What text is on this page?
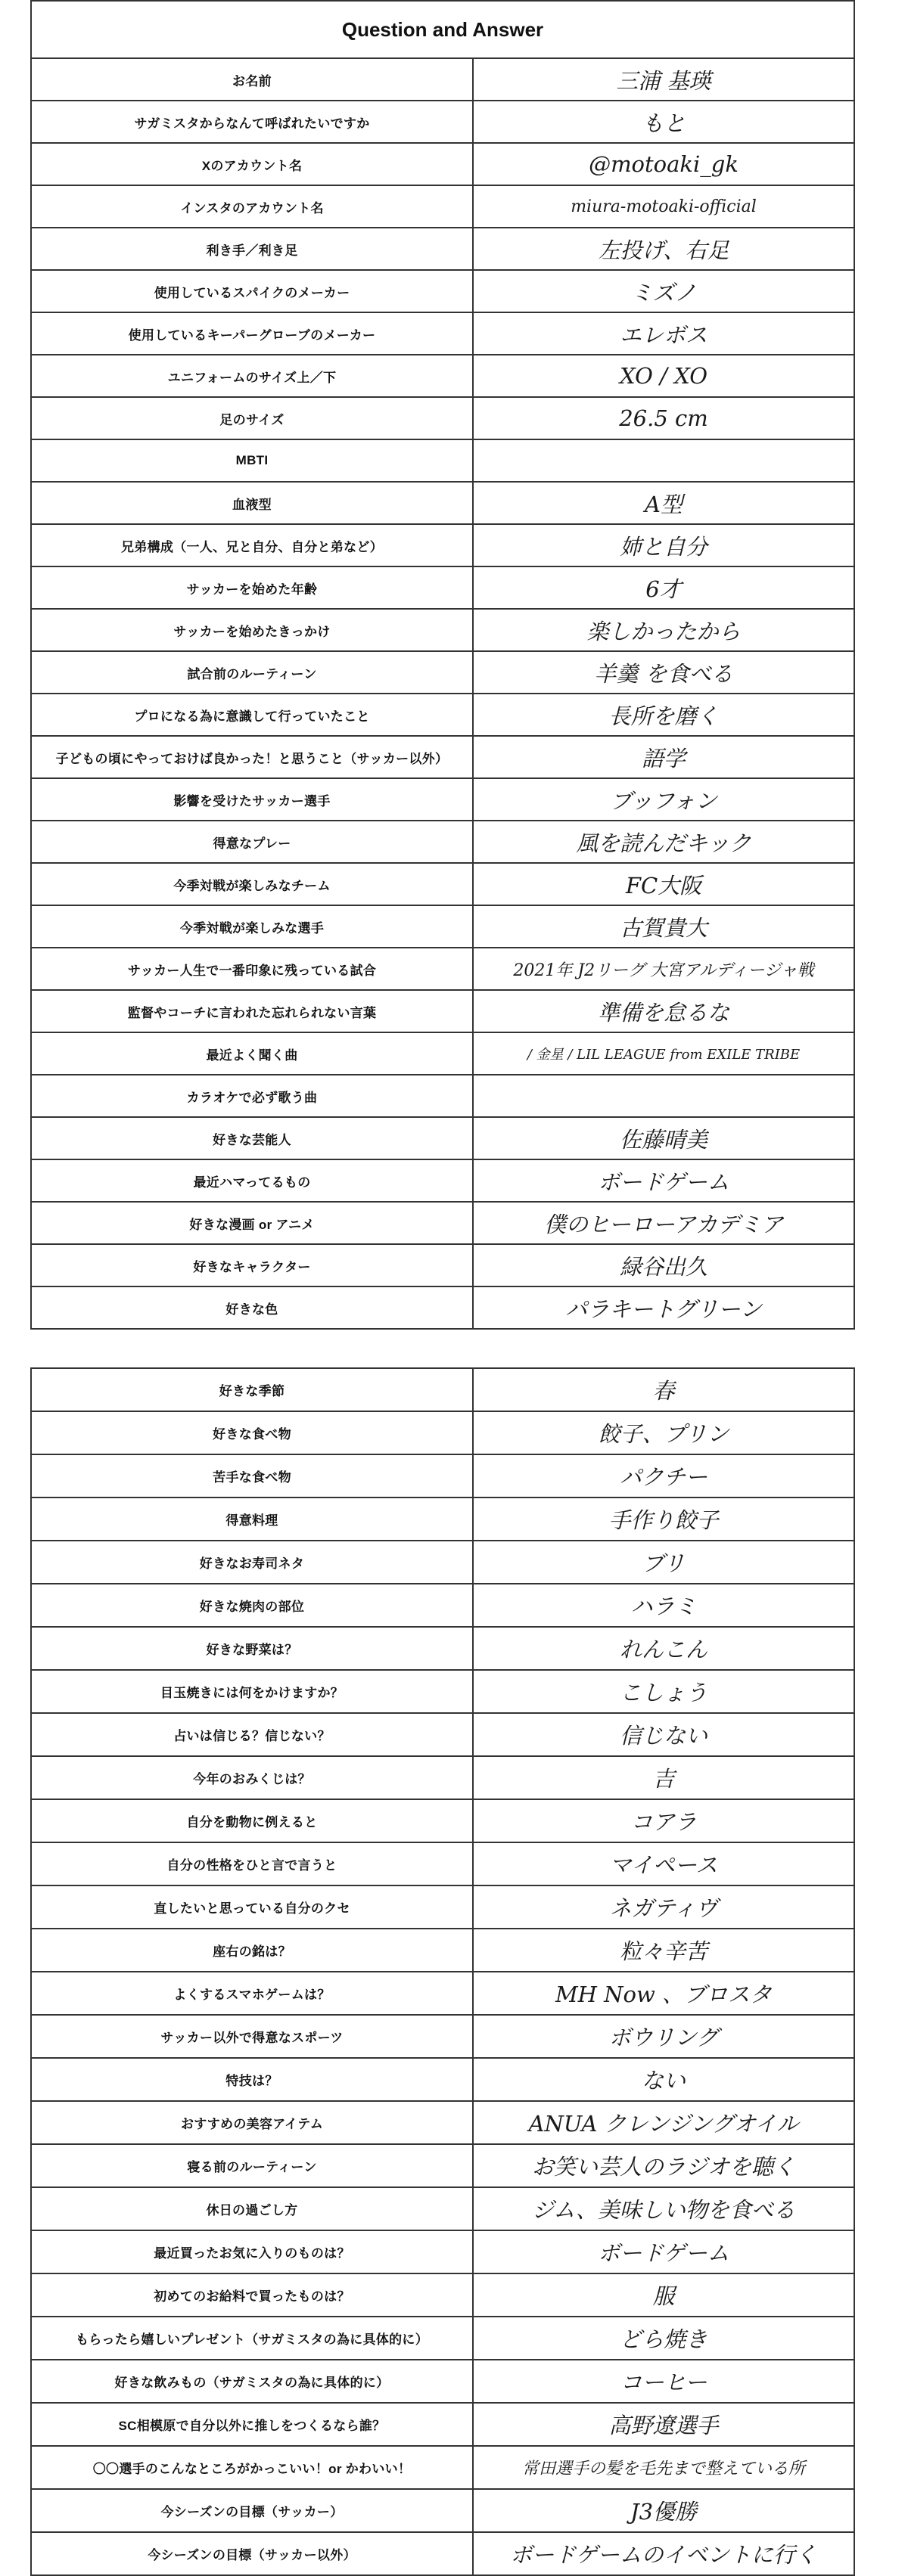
Question and Answer
お名前	三浦 基瑛
サガミスタからなんて呼ばれたいですか	もと
Xのアカウント名	@motoaki_gk
インスタのアカウント名	miura-motoaki-official
利き手／利き足	左投げ、右足
使用しているスパイクのメーカー	ミズノ
使用しているキーパーグローブのメーカー	エレボス
ユニフォームのサイズ上／下	XO / XO
足のサイズ	26.5 cm
MBTI	
血液型	A型
兄弟構成（一人、兄と自分、自分と弟など）	姉と自分
サッカーを始めた年齢	6才
サッカーを始めたきっかけ	楽しかったから
試合前のルーティーン	羊羹 を食べる
プロになる為に意識して行っていたこと	長所を磨く
子どもの頃にやっておけば良かった！と思うこと（サッカー以外）	語学
影響を受けたサッカー選手	ブッフォン
得意なプレー	風を読んだキック
今季対戦が楽しみなチーム	FC大阪
今季対戦が楽しみな選手	古賀貴大
サッカー人生で一番印象に残っている試合	2021年 J2リーグ 大宮アルディージャ戦
監督やコーチに言われた忘れられない言葉	準備を怠るな
最近よく聞く曲	/ 金星 / LIL LEAGUE from EXILE TRIBE
カラオケで必ず歌う曲	
好きな芸能人	佐藤晴美
最近ハマってるもの	ボードゲーム
好きな漫画 or アニメ	僕のヒーローアカデミア
好きなキャラクター	緑谷出久
好きな色	パラキートグリーン
好きな季節	春
好きな食べ物	餃子、プリン
苦手な食べ物	パクチー
得意料理	手作り餃子
好きなお寿司ネタ	ブリ
好きな焼肉の部位	ハラミ
好きな野菜は？	れんこん
目玉焼きには何をかけますか？	こしょう
占いは信じる？信じない？	信じない
今年のおみくじは？	吉
自分を動物に例えると	コアラ
自分の性格をひと言で言うと	マイペース
直したいと思っている自分のクセ	ネガティヴ
座右の銘は？	粒々辛苦
よくするスマホゲームは？	MH Now 、ブロスタ
サッカー以外で得意なスポーツ	ボウリング
特技は？	ない
おすすめの美容アイテム	ANUA クレンジングオイル
寝る前のルーティーン	お笑い芸人のラジオを聴く
休日の過ごし方	ジム、美味しい物を食べる
最近買ったお気に入りのものは？	ボードゲーム
初めてのお給料で買ったものは？	服
もらったら嬉しいプレゼント（サガミスタの為に具体的に）	どら焼き
好きな飲みもの（サガミスタの為に具体的に）	コーヒー
SC相模原で自分以外に推しをつくるなら誰？	高野遼選手
〇〇選手のこんなところがかっこいい！or かわいい！	常田選手の髪を毛先まで整えている所
今シーズンの目標（サッカー）	J3優勝
今シーズンの目標（サッカー以外）	ボードゲームのイベントに行く
